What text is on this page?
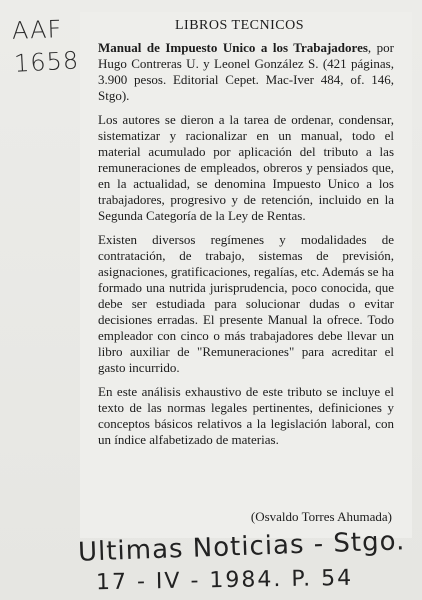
AAF
1658
LIBROS TECNICOS

Manual de Impuesto Unico a los Trabajadores, por Hugo Contreras U. y Leonel González S. (421 páginas, 3.900 pesos. Editorial Cepet. Mac-Iver 484, of. 146, Stgo).

Los autores se dieron a la tarea de ordenar, condensar, sistematizar y racionalizar en un manual, todo el material acumulado por aplicación del tributo a las remuneraciones de empleados, obreros y pensiados que, en la actualidad, se denomina Impuesto Unico a los trabajadores, progresivo y de retención, incluido en la Segunda Categoría de la Ley de Rentas.

Existen diversos regímenes y modalidades de contratación, de trabajo, sistemas de previsión, asignaciones, gratificaciones, regalías, etc. Además se ha formado una nutrida jurisprudencia, poco conocida, que debe ser estudiada para solucionar dudas o evitar decisiones erradas. El presente Manual la ofrece. Todo empleador con cinco o más trabajadores debe llevar un libro auxiliar de "Remuneraciones" para acreditar el gasto incurrido.

En este análisis exhaustivo de este tributo se incluye el texto de las normas legales pertinentes, definiciones y conceptos básicos relativos a la legislación laboral, con un índice alfabetizado de materias.

(Osvaldo Torres Ahumada)
Ultimas Noticias - Stgo.
17 - IV - 1984. P. 54
